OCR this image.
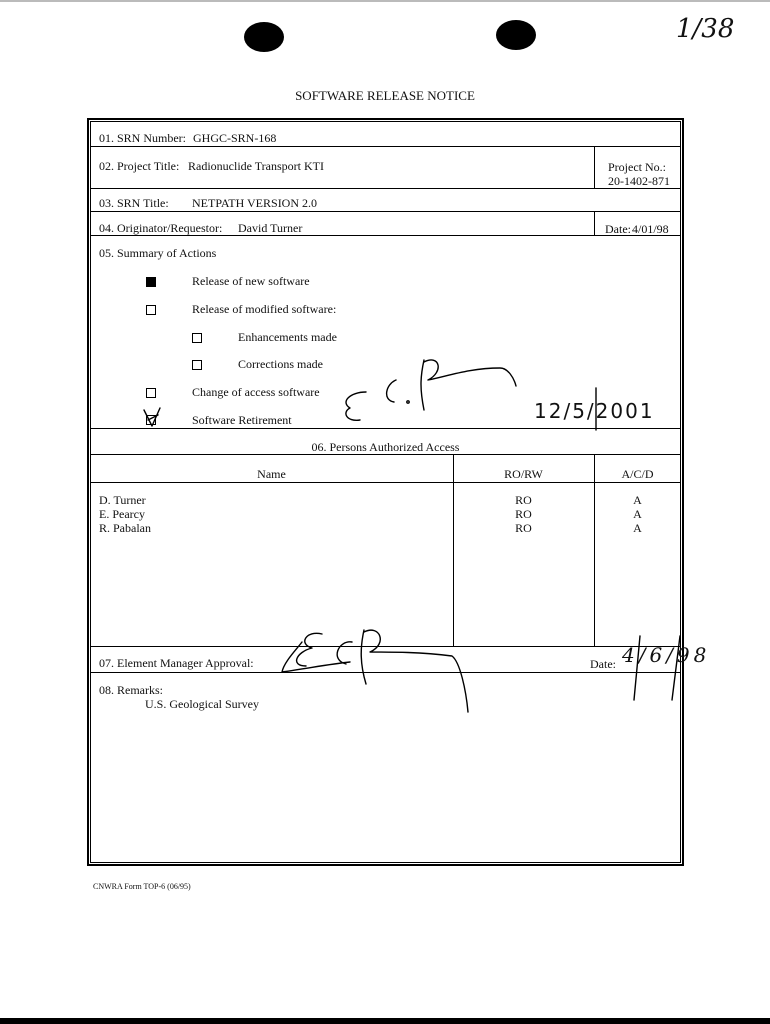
1/38
SOFTWARE RELEASE NOTICE
01. SRN Number: GHGC-SRN-168
02. Project Title: Radionuclide Transport KTI	Project No.:
20-1402-871
03. SRN Title: NETPATH VERSION 2.0
04. Originator/Requestor: David Turner	Date: 4/01/98
05. Summary of Actions
Release of new software
Release of modified software:
Enhancements made
Corrections made
Change of access software
Software Retirement	12/5/2001
06. Persons Authorized Access
Name	RO/RW	A/C/D
D. Turner	RO	A
E. Pearcy	RO	A
R. Pabalan	RO	A
07. Element Manager Approval:	Date: 4/6/98
08. Remarks:
U.S. Geological Survey
CNWRA Form TOP-6 (06/95)
